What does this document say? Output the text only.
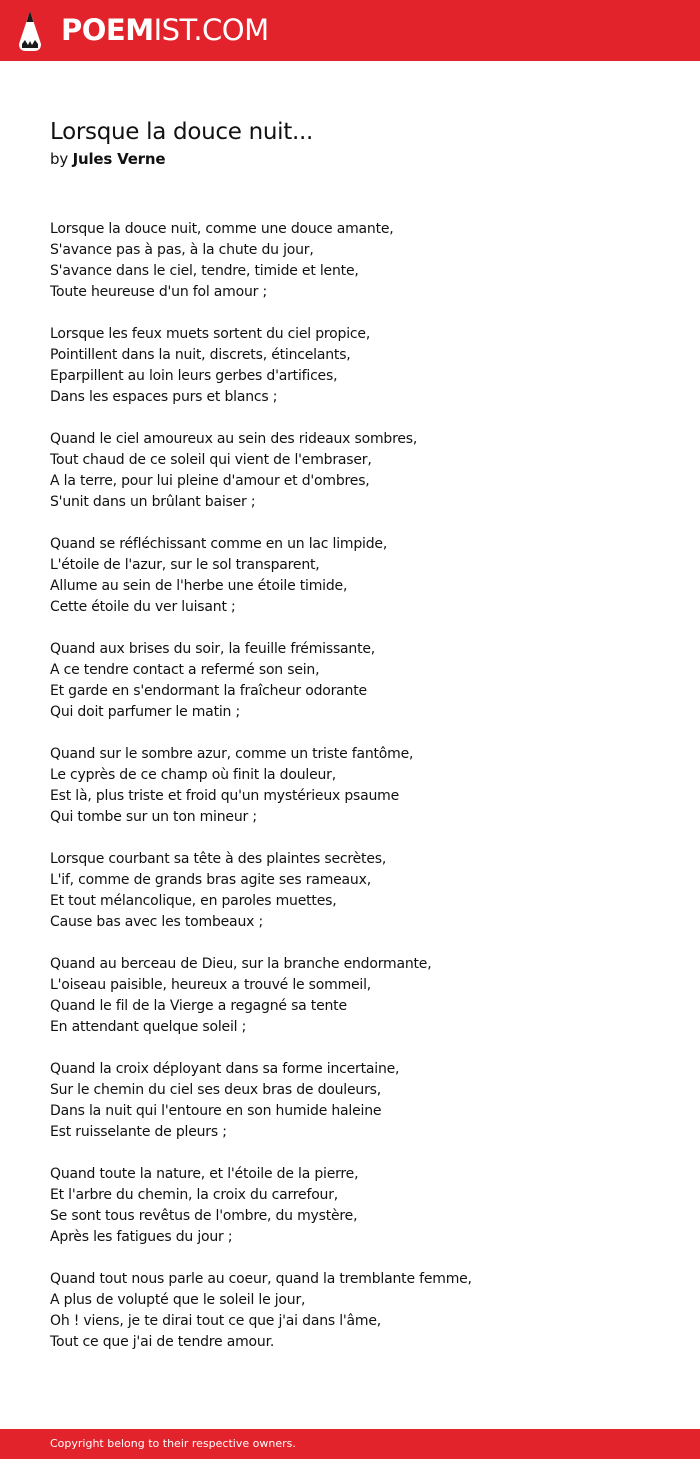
POEMIST.COM
Lorsque la douce nuit...
by Jules Verne
Lorsque la douce nuit, comme une douce amante,
S'avance pas à pas, à la chute du jour,
S'avance dans le ciel, tendre, timide et lente,
Toute heureuse d'un fol amour ;
Lorsque les feux muets sortent du ciel propice,
Pointillent dans la nuit, discrets, étincelants,
Eparpillent au loin leurs gerbes d'artifices,
Dans les espaces purs et blancs ;
Quand le ciel amoureux au sein des rideaux sombres,
Tout chaud de ce soleil qui vient de l'embraser,
A la terre, pour lui pleine d'amour et d'ombres,
S'unit dans un brûlant baiser ;
Quand se réfléchissant comme en un lac limpide,
L'étoile de l'azur, sur le sol transparent,
Allume au sein de l'herbe une étoile timide,
Cette étoile du ver luisant ;
Quand aux brises du soir, la feuille frémissante,
A ce tendre contact a refermé son sein,
Et garde en s'endormant la fraîcheur odorante
Qui doit parfumer le matin ;
Quand sur le sombre azur, comme un triste fantôme,
Le cyprès de ce champ où finit la douleur,
Est là, plus triste et froid qu'un mystérieux psaume
Qui tombe sur un ton mineur ;
Lorsque courbant sa tête à des plaintes secrètes,
L'if, comme de grands bras agite ses rameaux,
Et tout mélancolique, en paroles muettes,
Cause bas avec les tombeaux ;
Quand au berceau de Dieu, sur la branche endormante,
L'oiseau paisible, heureux a trouvé le sommeil,
Quand le fil de la Vierge a regagné sa tente
En attendant quelque soleil ;
Quand la croix déployant dans sa forme incertaine,
Sur le chemin du ciel ses deux bras de douleurs,
Dans la nuit qui l'entoure en son humide haleine
Est ruisselante de pleurs ;
Quand toute la nature, et l'étoile de la pierre,
Et l'arbre du chemin, la croix du carrefour,
Se sont tous revêtus de l'ombre, du mystère,
Après les fatigues du jour ;
Quand tout nous parle au coeur, quand la tremblante femme,
A plus de volupté que le soleil le jour,
Oh ! viens, je te dirai tout ce que j'ai dans l'âme,
Tout ce que j'ai de tendre amour.
Copyright belong to their respective owners.
